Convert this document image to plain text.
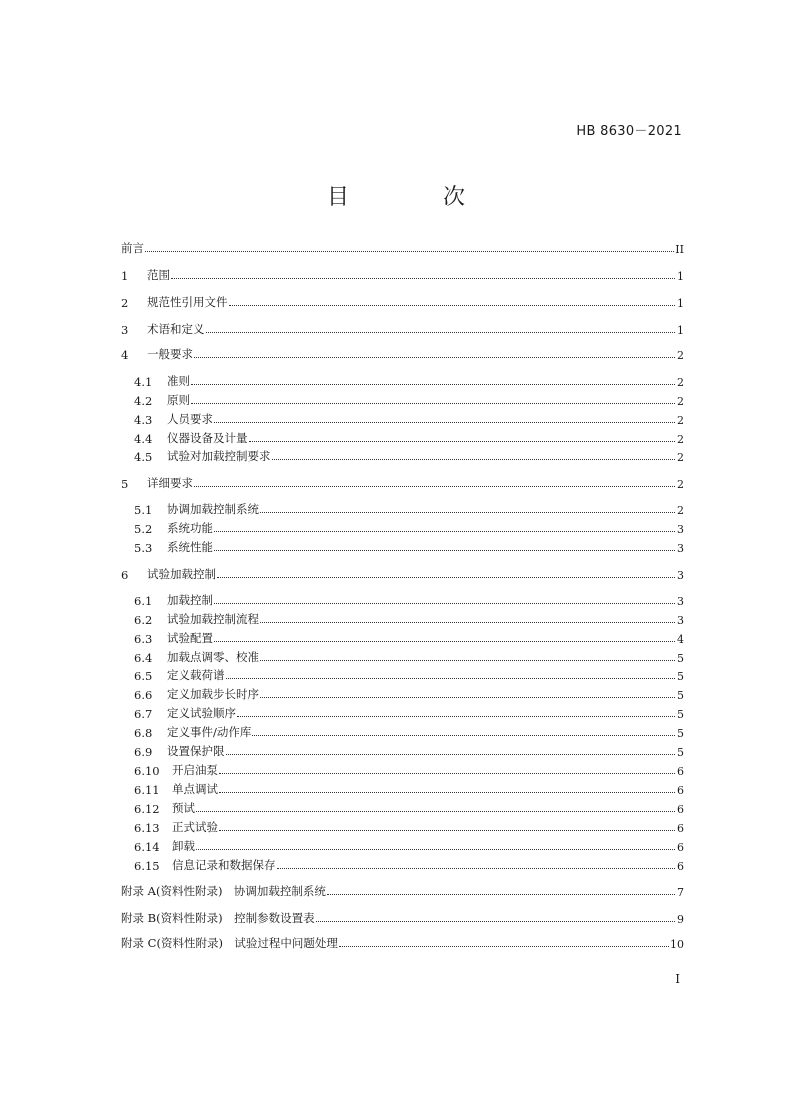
HB 8630－2021
目　次
前言	II
1	范围	1
2	规范性引用文件	1
3	术语和定义	1
4	一般要求	2
4.1	准则	2
4.2	原则	2
4.3	人员要求	2
4.4	仪器设备及计量	2
4.5	试验对加载控制要求	2
5	详细要求	2
5.1	协调加载控制系统	2
5.2	系统功能	3
5.3	系统性能	3
6	试验加载控制	3
6.1	加载控制	3
6.2	试验加载控制流程	3
6.3	试验配置	4
6.4	加载点调零、校准	5
6.5	定义载荷谱	5
6.6	定义加载步长时序	5
6.7	定义试验顺序	5
6.8	定义事件/动作库	5
6.9	设置保护限	5
6.10	开启油泵	6
6.11	单点调试	6
6.12	预试	6
6.13	正式试验	6
6.14	卸载	6
6.15	信息记录和数据保存	6
附录 A(资料性附录)　协调加载控制系统	7
附录 B(资料性附录)　控制参数设置表	9
附录 C(资料性附录)　试验过程中问题处理	10
I
